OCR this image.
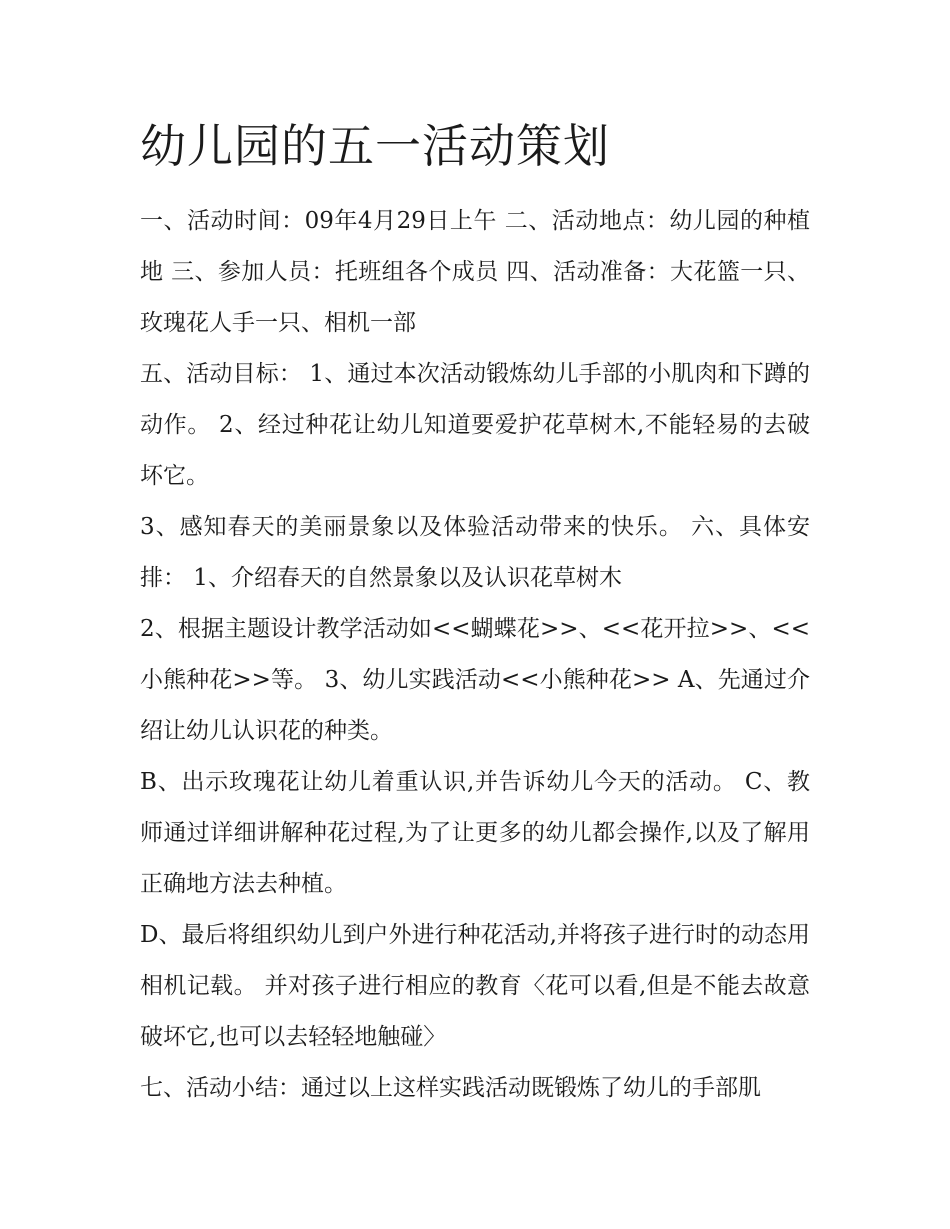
幼儿园的五一活动策划

一、活动时间：09年4月29日上午 二、活动地点：幼儿园的种植地 三、参加人员：托班组各个成员 四、活动准备：大花篮一只、玫瑰花人手一只、相机一部

五、活动目标： 1、通过本次活动锻炼幼儿手部的小肌肉和下蹲的动作。 2、经过种花让幼儿知道要爱护花草树木,不能轻易的去破坏它。

3、感知春天的美丽景象以及体验活动带来的快乐。 六、具体安排： 1、介绍春天的自然景象以及认识花草树木

2、根据主题设计教学活动如<<蝴蝶花>>、<<花开拉>>、<<小熊种花>>等。 3、幼儿实践活动<<小熊种花>> A、先通过介绍让幼儿认识花的种类。

B、出示玫瑰花让幼儿着重认识,并告诉幼儿今天的活动。 C、教师通过详细讲解种花过程,为了让更多的幼儿都会操作,以及了解用正确地方法去种植。

D、最后将组织幼儿到户外进行种花活动,并将孩子进行时的动态用相机记载。 并对孩子进行相应的教育〈花可以看,但是不能去故意破坏它,也可以去轻轻地触碰〉

七、活动小结：通过以上这样实践活动既锻炼了幼儿的手部肌
